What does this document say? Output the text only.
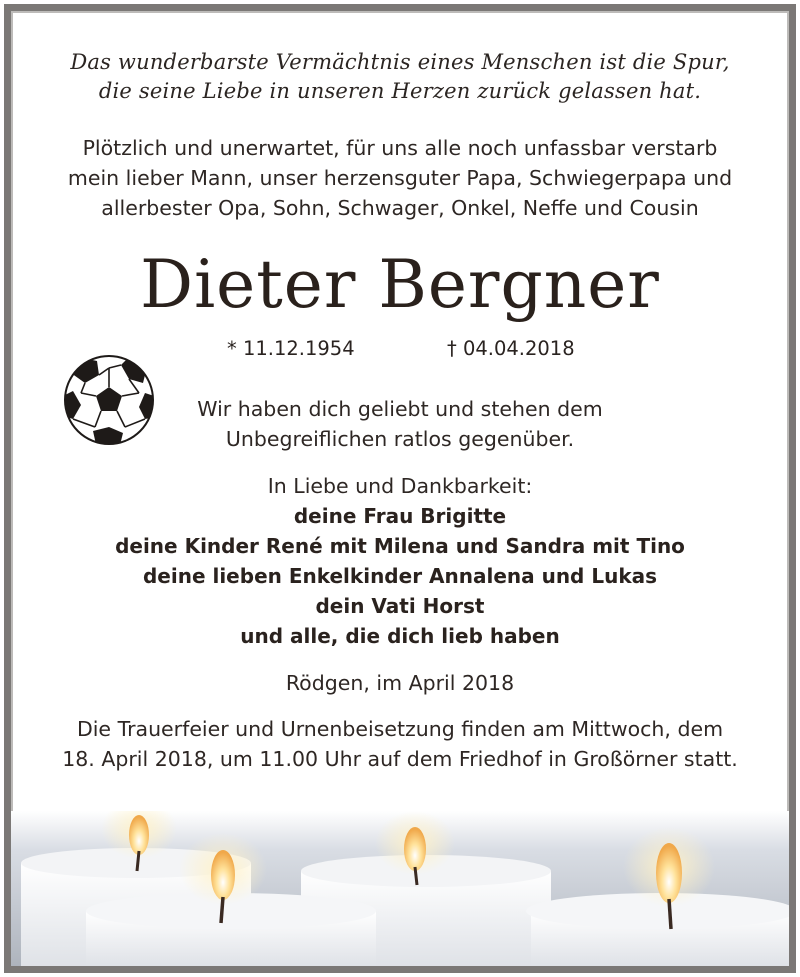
Das wunderbarste Vermächtnis eines Menschen ist die Spur,
die seine Liebe in unseren Herzen zurück gelassen hat.
Plötzlich und unerwartet, für uns alle noch unfassbar verstarb
mein lieber Mann, unser herzensguter Papa, Schwiegerpapa und
allerbester Opa, Sohn, Schwager, Onkel, Neffe und Cousin
Dieter Bergner
* 11.12.1954	† 04.04.2018
Wir haben dich geliebt und stehen dem
Unbegreiflichen ratlos gegenüber.
In Liebe und Dankbarkeit:
deine Frau Brigitte
deine Kinder René mit Milena und Sandra mit Tino
deine lieben Enkelkinder Annalena und Lukas
dein Vati Horst
und alle, die dich lieb haben
Rödgen, im April 2018
Die Trauerfeier und Urnenbeisetzung finden am Mittwoch, dem
18. April 2018, um 11.00 Uhr auf dem Friedhof in Großörner statt.
